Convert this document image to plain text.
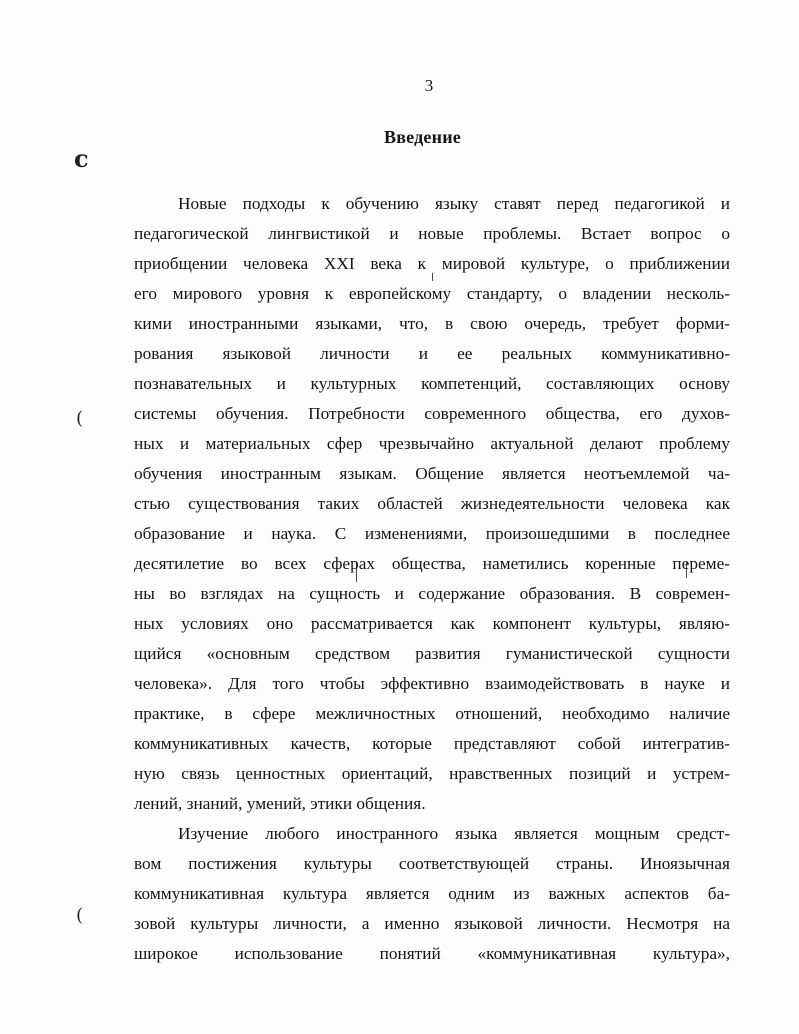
3
Введение
c
(
(
Новые подходы к обучению языку ставят перед педагогикой и
педагогической лингвистикой и новые проблемы. Встает вопрос о
приобщении человека XXI века к мировой культуре, о приближении
его мирового уровня к европейскому стандарту, о владении несколь-
кими иностранными языками, что, в свою очередь, требует форми-
рования языковой личности и ее реальных коммуникативно-
познавательных и культурных компетенций, составляющих основу
системы обучения. Потребности современного общества, его духов-
ных и материальных сфер чрезвычайно актуальной делают проблему
обучения иностранным языкам. Общение является неотъемлемой ча-
стью существования таких областей жизнедеятельности человека как
образование и наука. С изменениями, произошедшими в последнее
десятилетие во всех сферах общества, наметились коренные переме-
ны во взглядах на сущность и содержание образования. В современ-
ных условиях оно рассматривается как компонент культуры, являю-
щийся «основным средством развития гуманистической сущности
человека». Для того чтобы эффективно взаимодействовать в науке и
практике, в сфере межличностных отношений, необходимо наличие
коммуникативных качеств, которые представляют собой интегратив-
ную связь ценностных ориентаций, нравственных позиций и устрем-
лений, знаний, умений, этики общения.
Изучение любого иностранного языка является мощным средст-
вом постижения культуры соответствующей страны. Иноязычная
коммуникативная культура является одним из важных аспектов ба-
зовой культуры личности, а именно языковой личности. Несмотря на
широкое использование понятий «коммуникативная культура»,
